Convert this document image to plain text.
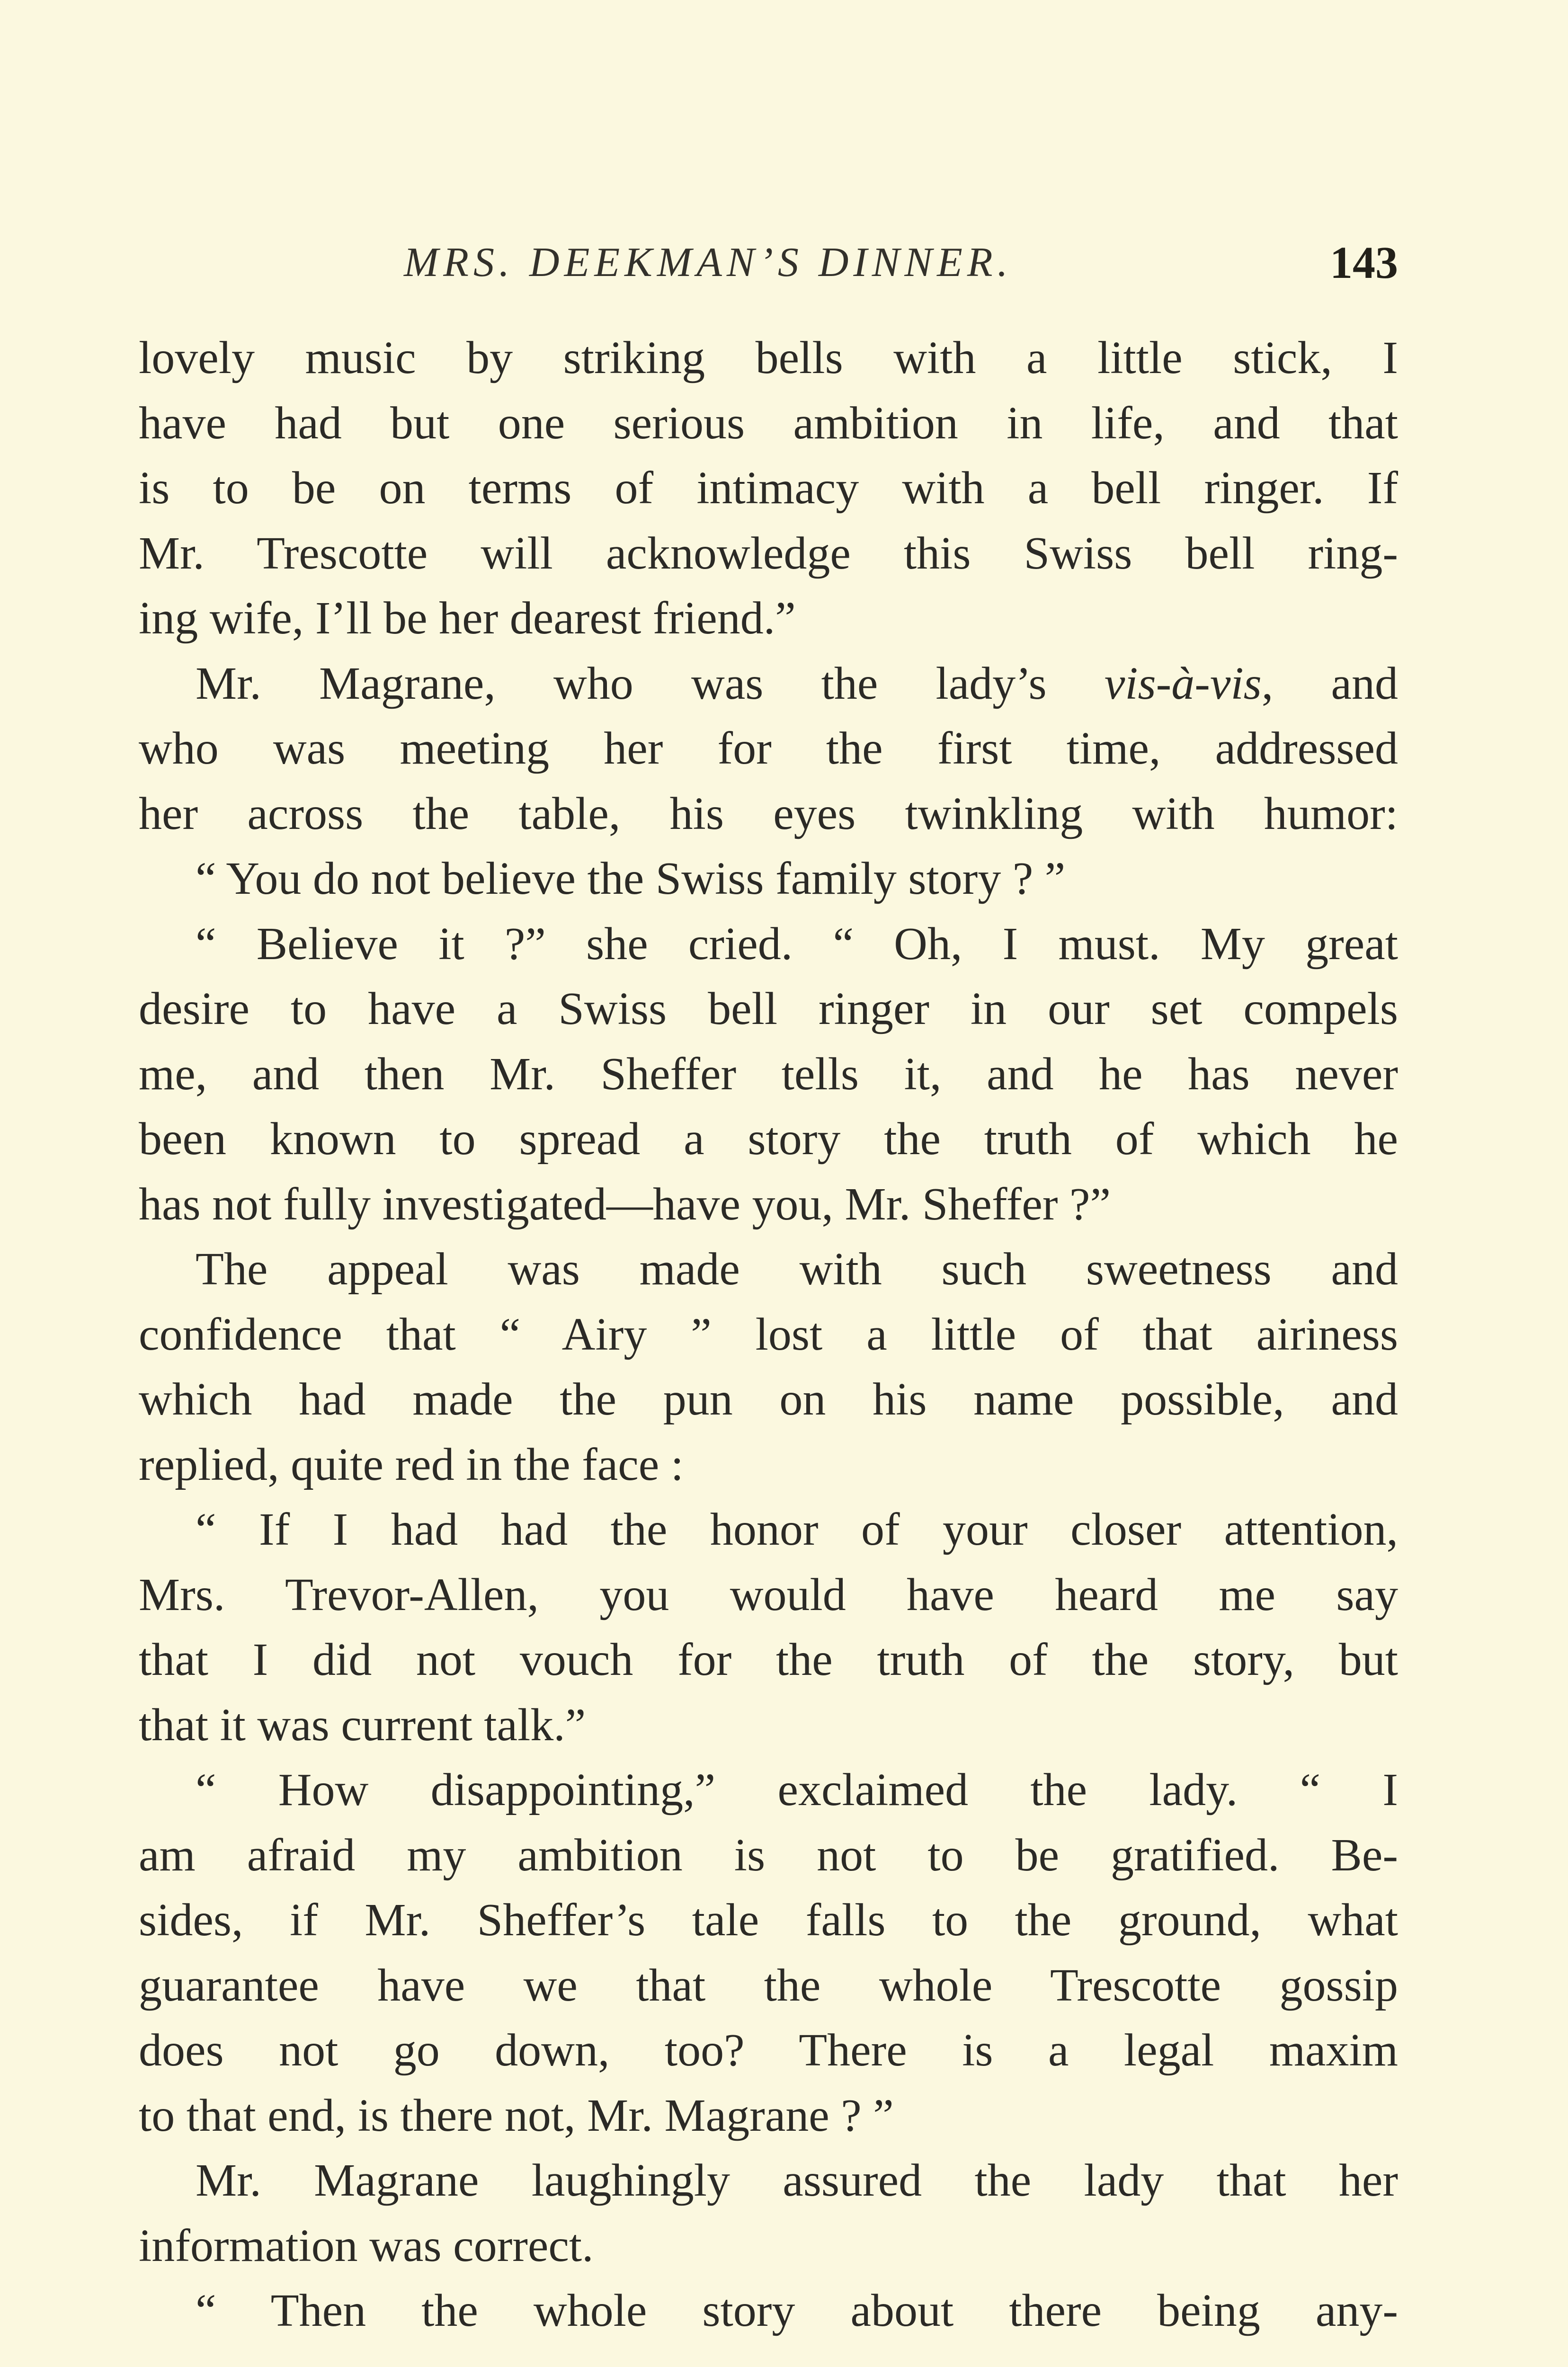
MRS. DEEKMAN’S DINNER.	143
lovely music by striking bells with a little stick, I
have had but one serious ambition in life, and that
is to be on terms of intimacy with a bell ringer. If
Mr. Trescotte will acknowledge this Swiss bell ring-
ing wife, I’ll be her dearest friend.”
Mr. Magrane, who was the lady’s vis-à-vis, and
who was meeting her for the first time, addressed
her across the table, his eyes twinkling with humor:
“ You do not believe the Swiss family story ? ”
“ Believe it ?” she cried. “ Oh, I must. My great
desire to have a Swiss bell ringer in our set compels
me, and then Mr. Sheffer tells it, and he has never
been known to spread a story the truth of which he
has not fully investigated—have you, Mr. Sheffer ?”
The appeal was made with such sweetness and
confidence that “ Airy ” lost a little of that airiness
which had made the pun on his name possible, and
replied, quite red in the face :
“ If I had had the honor of your closer attention,
Mrs. Trevor-Allen, you would have heard me say
that I did not vouch for the truth of the story, but
that it was current talk.”
“ How disappointing,” exclaimed the lady. “ I
am afraid my ambition is not to be gratified. Be-
sides, if Mr. Sheffer’s tale falls to the ground, what
guarantee have we that the whole Trescotte gossip
does not go down, too? There is a legal maxim
to that end, is there not, Mr. Magrane ? ”
Mr. Magrane laughingly assured the lady that her
information was correct.
“ Then the whole story about there being any-
